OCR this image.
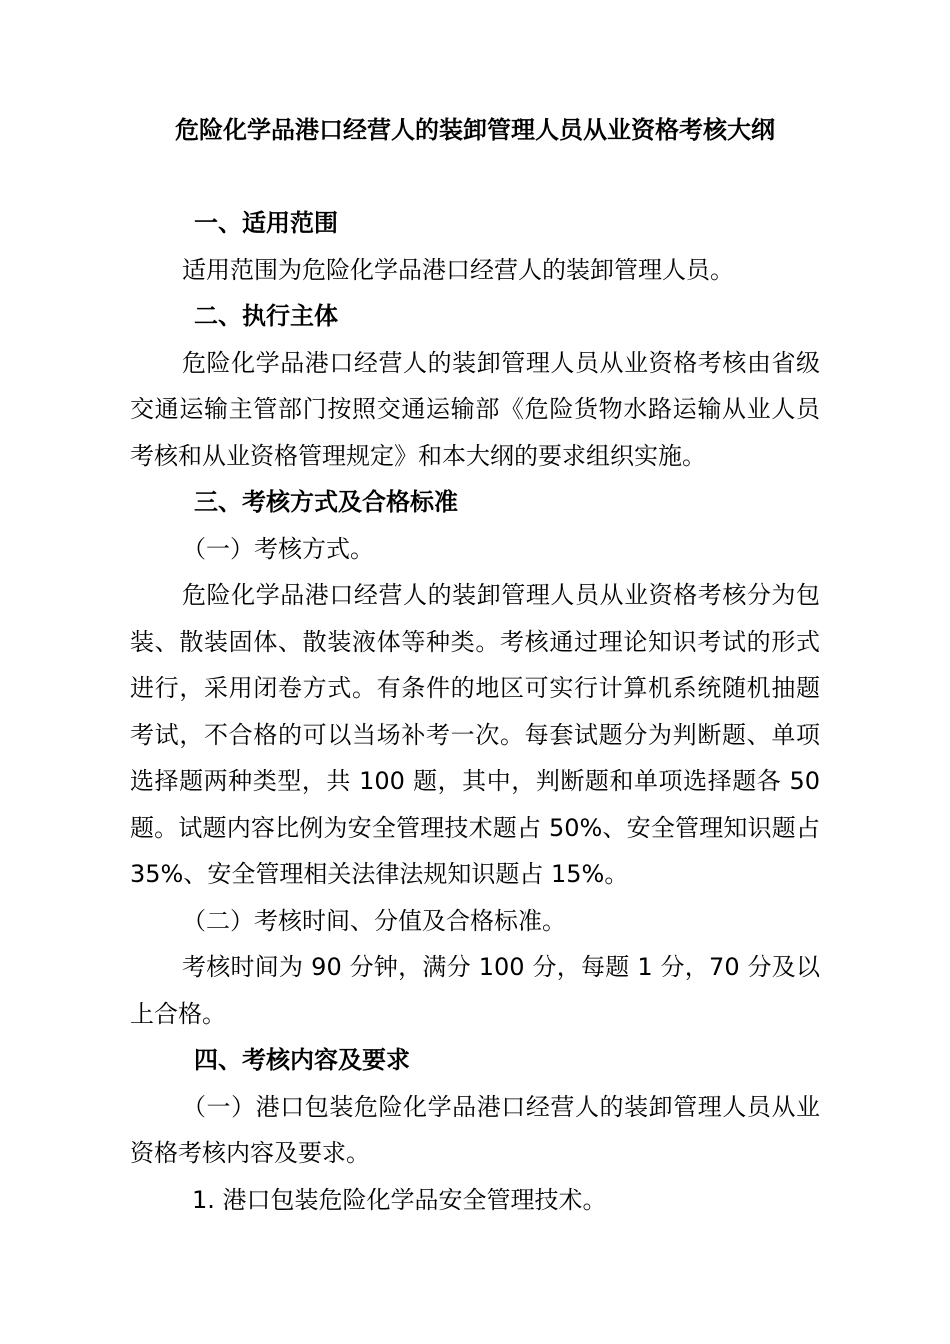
危险化学品港口经营人的装卸管理人员从业资格考核大纲

一、适用范围

适用范围为危险化学品港口经营人的装卸管理人员。

二、执行主体

危险化学品港口经营人的装卸管理人员从业资格考核由省级交通运输主管部门按照交通运输部《危险货物水路运输从业人员考核和从业资格管理规定》和本大纲的要求组织实施。

三、考核方式及合格标准

（一）考核方式。

危险化学品港口经营人的装卸管理人员从业资格考核分为包装、散装固体、散装液体等种类。考核通过理论知识考试的形式进行，采用闭卷方式。有条件的地区可实行计算机系统随机抽题考试，不合格的可以当场补考一次。每套试题分为判断题、单项选择题两种类型，共 100 题，其中，判断题和单项选择题各 50 题。试题内容比例为安全管理技术题占 50%、安全管理知识题占 35%、安全管理相关法律法规知识题占 15%。

（二）考核时间、分值及合格标准。

考核时间为 90 分钟，满分 100 分，每题 1 分，70 分及以上合格。

四、考核内容及要求

（一）港口包装危险化学品港口经营人的装卸管理人员从业资格考核内容及要求。

1. 港口包装危险化学品安全管理技术。
